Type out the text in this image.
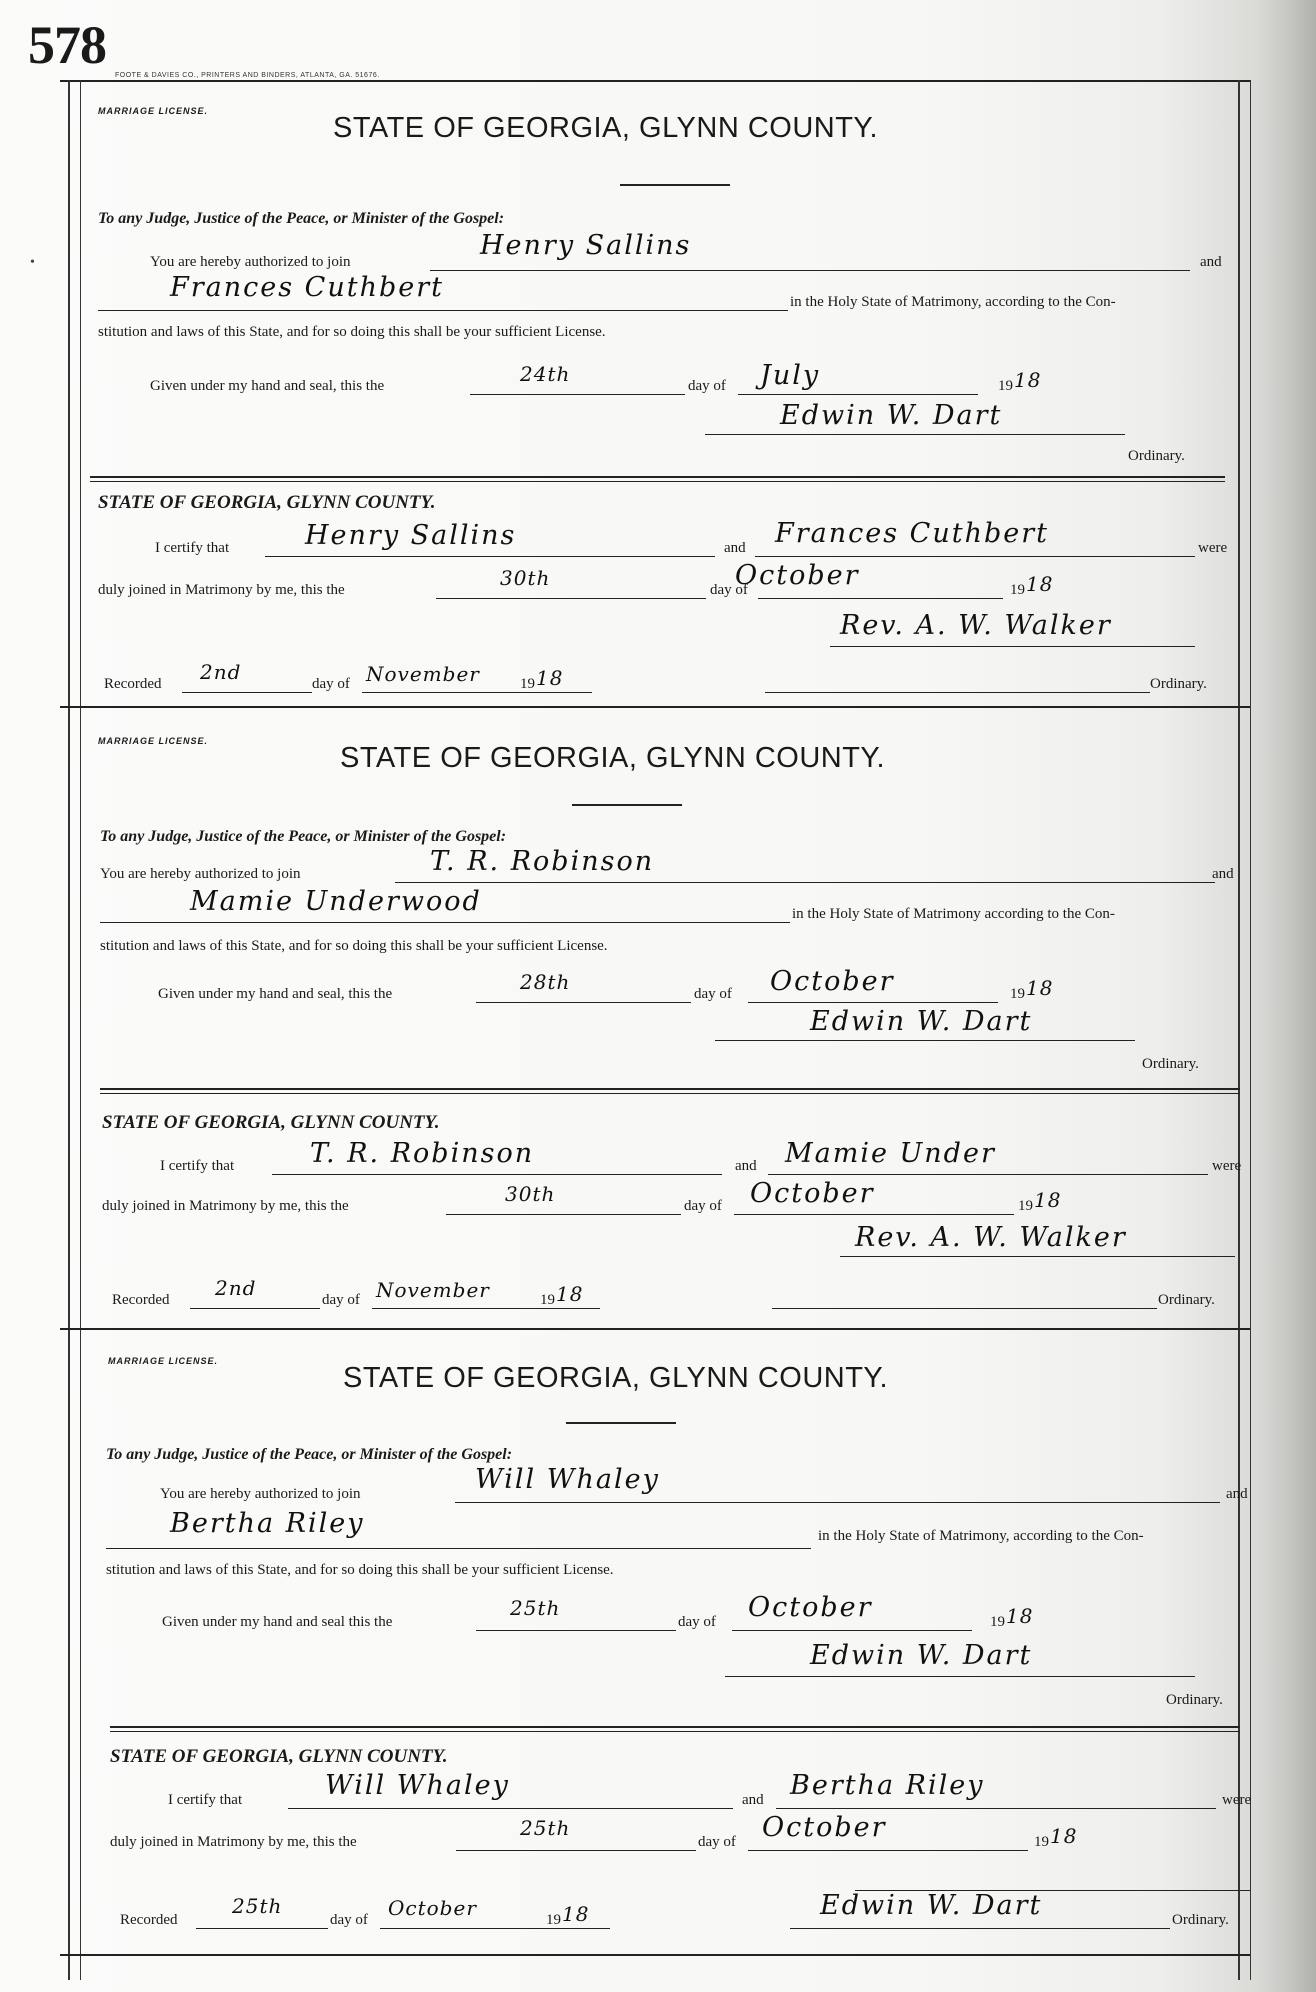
578
FOOTE & DAVIES CO., PRINTERS AND BINDERS, ATLANTA, GA. 51676.
•
MARRIAGE LICENSE.
STATE OF GEORGIA, GLYNN COUNTY.
To any Judge, Justice of the Peace, or Minister of the Gospel:
You are hereby authorized to join
Henry Sallins
and
Frances Cuthbert	in the Holy State of Matrimony, according to the Con-
stitution and laws of this State, and for so doing this shall be your sufficient License.
Given under my hand and seal, this the	24th	day of July	19 18
Edwin W. Dart
Ordinary.
STATE OF GEORGIA, GLYNN COUNTY.
I certify that	Henry Sallins	and Frances Cuthbert	were
duly joined in Matrimony by me, this the	30th	day of
October	19 18
Rev. A. W. Walker
Recorded 2nd	day of November	19 18	Ordinary.
MARRIAGE LICENSE.
STATE OF GEORGIA, GLYNN COUNTY.
To any Judge, Justice of the Peace, or Minister of the Gospel:
You are hereby authorized to join	T. R. Robinson	and
Mamie Underwood	in the Holy State of Matrimony according to the Con-
stitution and laws of this State, and for so doing this shall be your sufficient License.
Given under my hand and seal, this the	28th	day of October	19 18
Edwin W. Dart
Ordinary.
STATE OF GEORGIA, GLYNN COUNTY.
I certify that	T. R. Robinson	and Mamie Under	were
duly joined in Matrimony by me, this the	30th	day of October	19 18
Rev. A. W. Walker
Recorded 2nd	day of November	19 18	Ordinary.
MARRIAGE LICENSE.
STATE OF GEORGIA, GLYNN COUNTY.
To any Judge, Justice of the Peace, or Minister of the Gospel:
You are hereby authorized to join	Will Whaley	and
Bertha Riley	in the Holy State of Matrimony, according to the Con-
stitution and laws of this State, and for so doing this shall be your sufficient License.
Given under my hand and seal this the
25th
day of October	19 18
Edwin W. Dart
Ordinary.
STATE OF GEORGIA, GLYNN COUNTY.
I certify that	Will Whaley	and Bertha Riley	were
duly joined in Matrimony by me, this the
25th
day of October	19 18
Recorded
25th
day of October	19 18	Edwin W. Dart	Ordinary.
